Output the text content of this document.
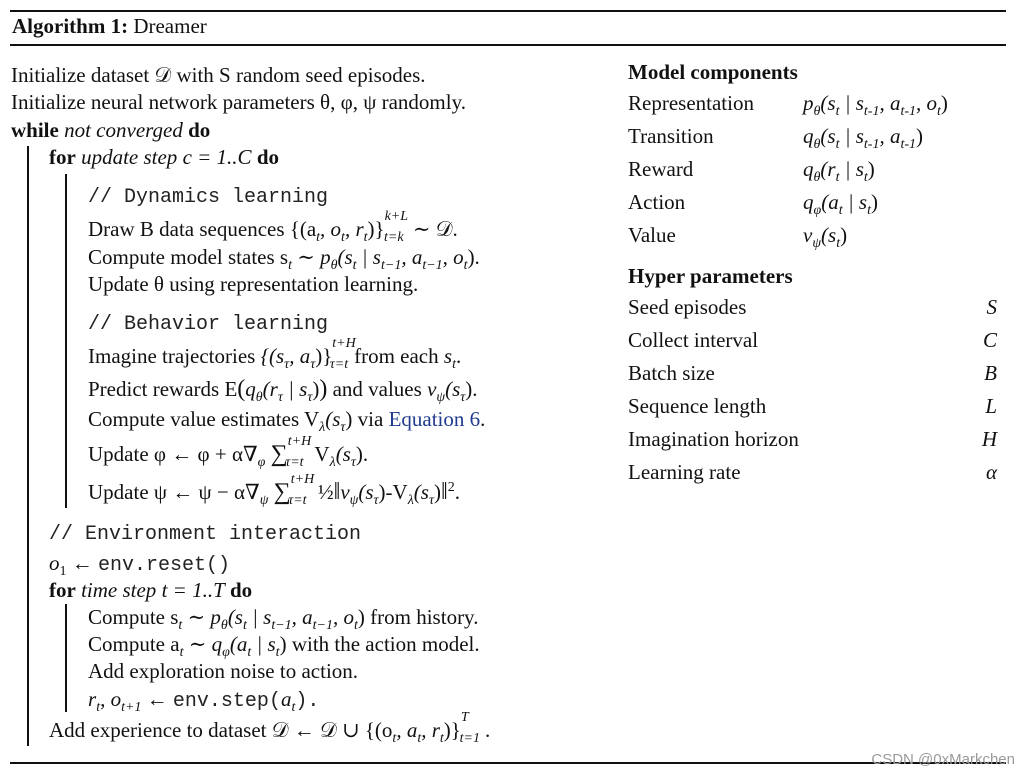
Algorithm 1: Dreamer
Initialize dataset 𝒟 with S random seed episodes.
Initialize neural network parameters θ, φ, ψ randomly.
while not converged do
for update step c = 1..C do
// Dynamics learning
Draw B data sequences {($a_t$, $o_t$, $r_t)\}^{k+L}_{t=k}$ ∼ 𝒟.
Compute model states $s_t$ ∼ $p_\theta(s_t$ | $s_{t-1}$, $a_{t-1}$, $o_t$).
Update θ using representation learning.
// Behavior learning
Imagine trajectories {($s_\tau$, $a_\tau)\}^{t+H}_{\tau=t}$ from each $s_t$.
Predict rewards $E(q_\theta(r_\tau$ | $s_\tau$)) and values $v_\psi(s_\tau)$.
Compute value estimates $V_\lambda(s_\tau)$ via Equation 6.
Update φ ← $\varphi + \alpha\nabla_\varphi$ ∑$^{t+H}_{\tau=t}$ $V_\lambda(s_\tau)$.
Update ψ ← $\psi - \alpha\nabla_\psi$ ∑$^{t+H}_{\tau=t}$ $\frac{1}{2}‖v_\psi(s_\tau)-V_\lambda(s_\tau)‖^2$.
// Environment interaction
$o_1$ ← env.reset()
for time step t = 1..T do
Compute $s_t$ ∼ $p_\theta(s_t$ | $s_{t-1}$, $a_{t-1}$, $o_t$) from history.
Compute $a_t$ ∼ $q_\varphi(a_t$ | $s_t$) with the action model.
Add exploration noise to action.
$r_t$, $o_{t+1}$ ← $env.step(a_t)$.
Add experience to dataset 𝒟 ← 𝒟 ∪ {($o_t$, $a_t$, $r_t)\}^T_{t=1}$ .
Model components
Representation $p_\theta(s_t$ | $s_{t-1}$, $a_{t-1}$, $o_t$)
Transition	$q_\theta(s_t$ | $s_{t-1}$, $a_{t-1}$)
Reward	$q_\theta(r_t$ | $s_t$)
Action	$q_\varphi(a_t$ | $s_t$)
Value	$v_\psi(s_t)$
Hyper parameters
Seed episodes	S
Collect interval	C
Batch size	B
Sequence length	L
Imagination horizon	H
Learning rate	α
CSDN @0xMarkchen
